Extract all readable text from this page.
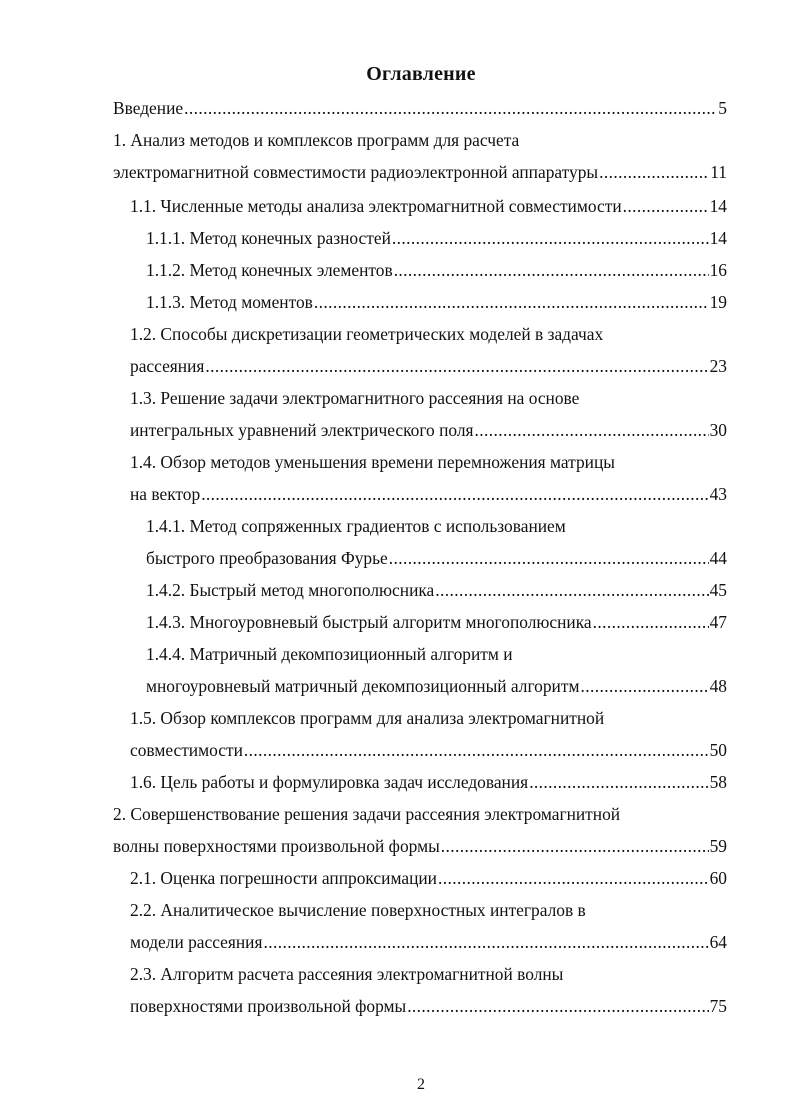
Оглавление
Введение .....	5
1. Анализ методов и комплексов программ для расчета
электромагнитной совместимости радиоэлектронной аппаратуры .....	11
1.1. Численные методы анализа электромагнитной совместимости .....	14
1.1.1. Метод конечных разностей .....	14
1.1.2. Метод конечных элементов .....	16
1.1.3. Метод моментов .....	19
1.2. Способы дискретизации геометрических моделей в задачах
рассеяния .....	23
1.3. Решение задачи электромагнитного рассеяния на основе
интегральных уравнений электрического поля .....	30
1.4. Обзор методов уменьшения времени перемножения матрицы
на вектор .....	43
1.4.1. Метод сопряженных градиентов с использованием
быстрого преобразования Фурье .....	44
1.4.2. Быстрый метод многополюсника .....	45
1.4.3. Многоуровневый быстрый алгоритм многополюсника .....	47
1.4.4. Матричный декомпозиционный алгоритм и
многоуровневый матричный декомпозиционный алгоритм .....	48
1.5. Обзор комплексов программ для анализа электромагнитной
совместимости .....	50
1.6. Цель работы и формулировка задач исследования .....	58
2. Совершенствование решения задачи рассеяния электромагнитной
волны поверхностями произвольной формы .....	59
2.1. Оценка погрешности аппроксимации .....	60
2.2. Аналитическое вычисление поверхностных интегралов в
модели рассеяния .....	64
2.3. Алгоритм расчета рассеяния электромагнитной волны
поверхностями произвольной формы .....	75
2
